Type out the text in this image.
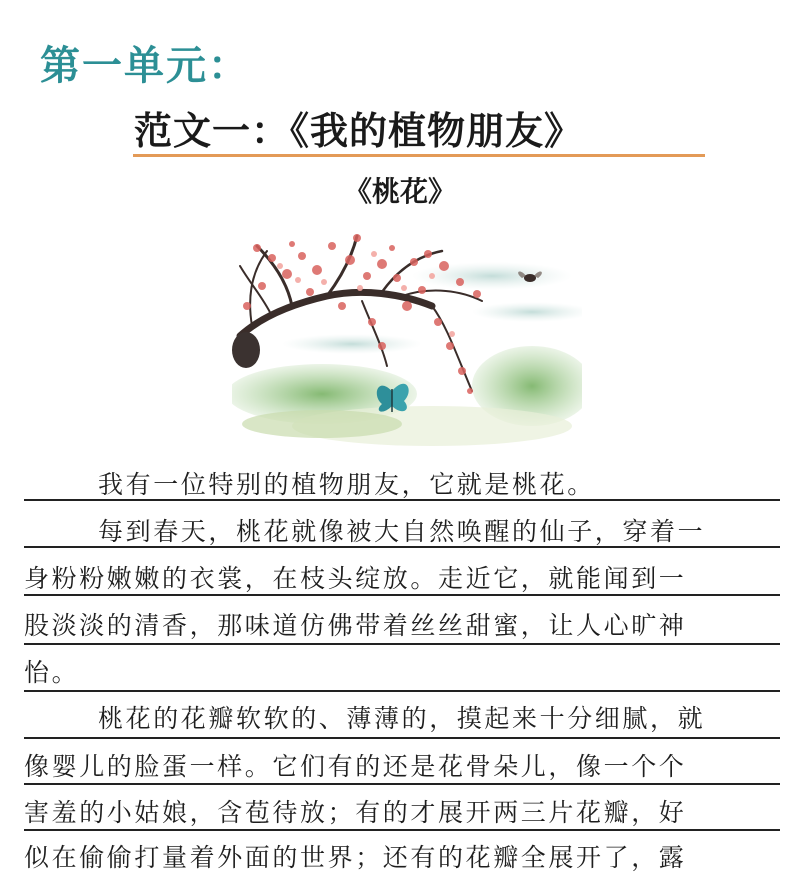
第一单元：
范文一：《我的植物朋友》
《桃花》
我有一位特别的植物朋友，它就是桃花。
每到春天，桃花就像被大自然唤醒的仙子，穿着一
身粉粉嫩嫩的衣裳，在枝头绽放。走近它，就能闻到一
股淡淡的清香，那味道仿佛带着丝丝甜蜜，让人心旷神
怡。
桃花的花瓣软软的、薄薄的，摸起来十分细腻，就
像婴儿的脸蛋一样。它们有的还是花骨朵儿，像一个个
害羞的小姑娘，含苞待放；有的才展开两三片花瓣，好
似在偷偷打量着外面的世界；还有的花瓣全展开了，露
